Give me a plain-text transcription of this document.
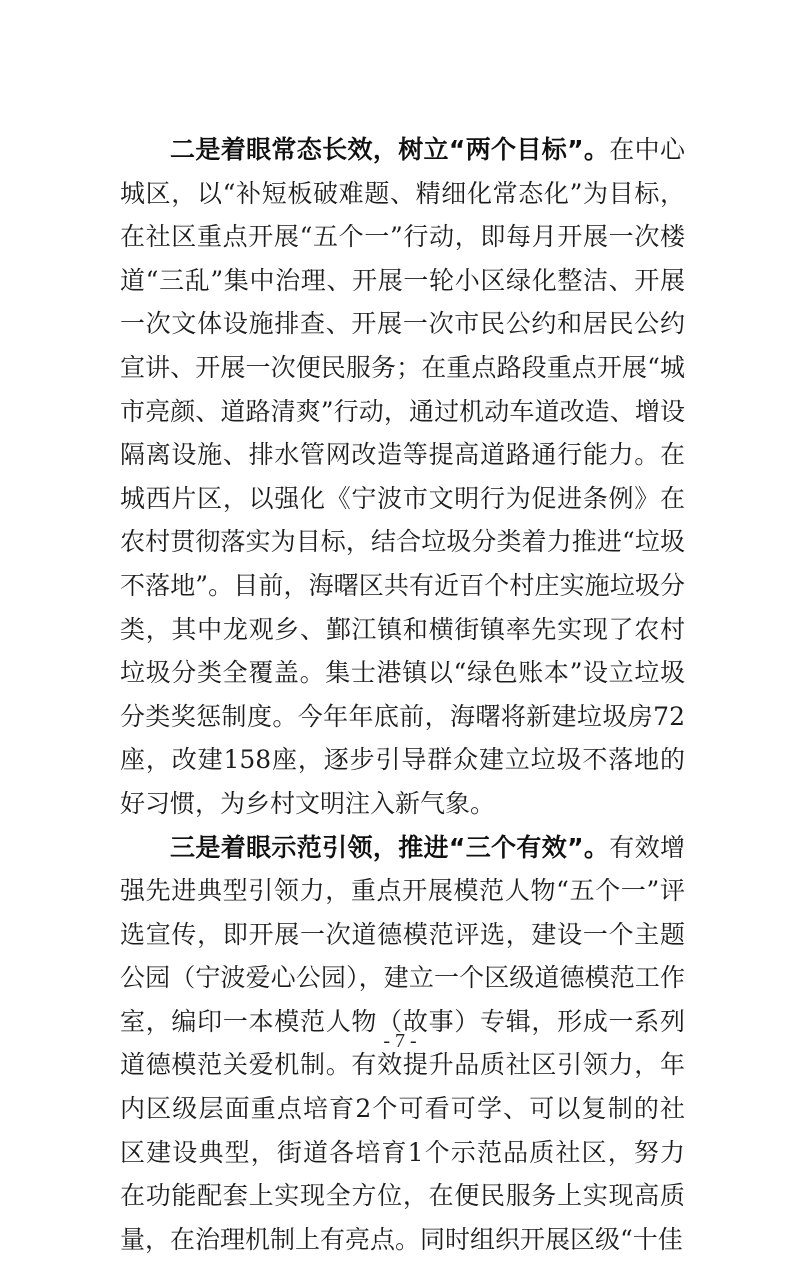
二是着眼常态长效，树立“两个目标”。在中心城区，以“补短板破难题、精细化常态化”为目标，在社区重点开展“五个一”行动，即每月开展一次楼道“三乱”集中治理、开展一轮小区绿化整洁、开展一次文体设施排查、开展一次市民公约和居民公约宣讲、开展一次便民服务；在重点路段重点开展“城市亮颜、道路清爽”行动，通过机动车道改造、增设隔离设施、排水管网改造等提高道路通行能力。在城西片区，以强化《宁波市文明行为促进条例》在农村贯彻落实为目标，结合垃圾分类着力推进“垃圾不落地”。目前，海曙区共有近百个村庄实施垃圾分类，其中龙观乡、鄞江镇和横街镇率先实现了农村垃圾分类全覆盖。集士港镇以“绿色账本”设立垃圾分类奖惩制度。今年年底前，海曙将新建垃圾房72座，改建158座，逐步引导群众建立垃圾不落地的好习惯，为乡村文明注入新气象。

三是着眼示范引领，推进“三个有效”。有效增强先进典型引领力，重点开展模范人物“五个一”评选宣传，即开展一次道德模范评选，建设一个主题公园（宁波爱心公园），建立一个区级道德模范工作室，编印一本模范人物（故事）专辑，形成一系列道德模范关爱机制。有效提升品质社区引领力，年内区级层面重点培育2个可看可学、可以复制的社区建设典型，街道各培育1个示范品质社区，努力在功能配套上实现全方位，在便民服务上实现高质量，在治理机制上有亮点。同时组织开展区级“十佳

- 7 -
